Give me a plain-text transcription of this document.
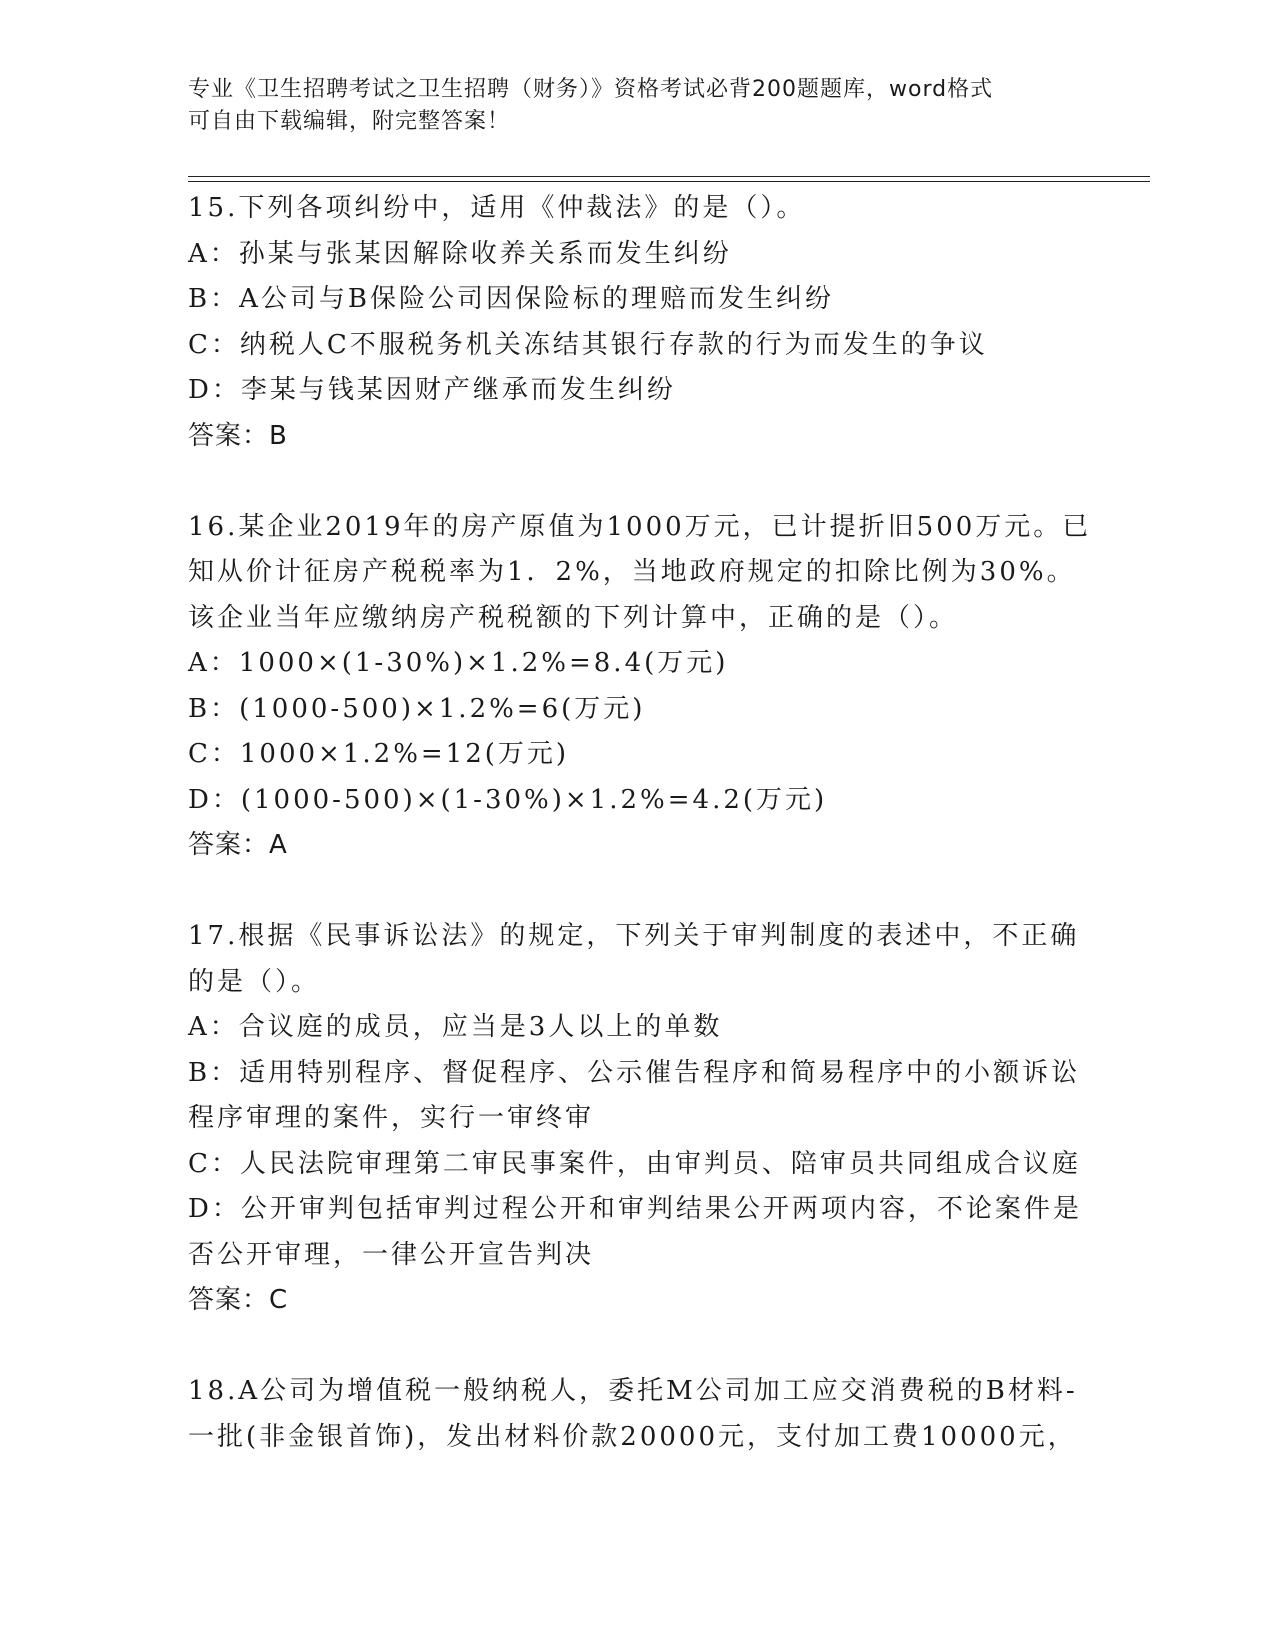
专业《卫生招聘考试之卫生招聘（财务）》资格考试必背200题题库，word格式
可自由下载编辑，附完整答案！
15.下列各项纠纷中，适用《仲裁法》的是（）。
A：孙某与张某因解除收养关系而发生纠纷
B：A公司与B保险公司因保险标的理赔而发生纠纷
C：纳税人C不服税务机关冻结其银行存款的行为而发生的争议
D：李某与钱某因财产继承而发生纠纷
答案：B
16.某企业2019年的房产原值为1000万元，已计提折旧500万元。已
知从价计征房产税税率为1．2%，当地政府规定的扣除比例为30%。
该企业当年应缴纳房产税税额的下列计算中，正确的是（）。
A：1000×(1-30%)×1.2%=8.4(万元)
B：(1000-500)×1.2%=6(万元)
C：1000×1.2%=12(万元)
D：(1000-500)×(1-30%)×1.2%=4.2(万元)
答案：A
17.根据《民事诉讼法》的规定，下列关于审判制度的表述中，不正确
的是（）。
A：合议庭的成员，应当是3人以上的单数
B：适用特别程序、督促程序、公示催告程序和简易程序中的小额诉讼
程序审理的案件，实行一审终审
C：人民法院审理第二审民事案件，由审判员、陪审员共同组成合议庭
D：公开审判包括审判过程公开和审判结果公开两项内容，不论案件是
否公开审理，一律公开宣告判决
答案：C
18.A公司为增值税一般纳税人，委托M公司加工应交消费税的B材料-
一批(非金银首饰)，发出材料价款20000元，支付加工费10000元，
